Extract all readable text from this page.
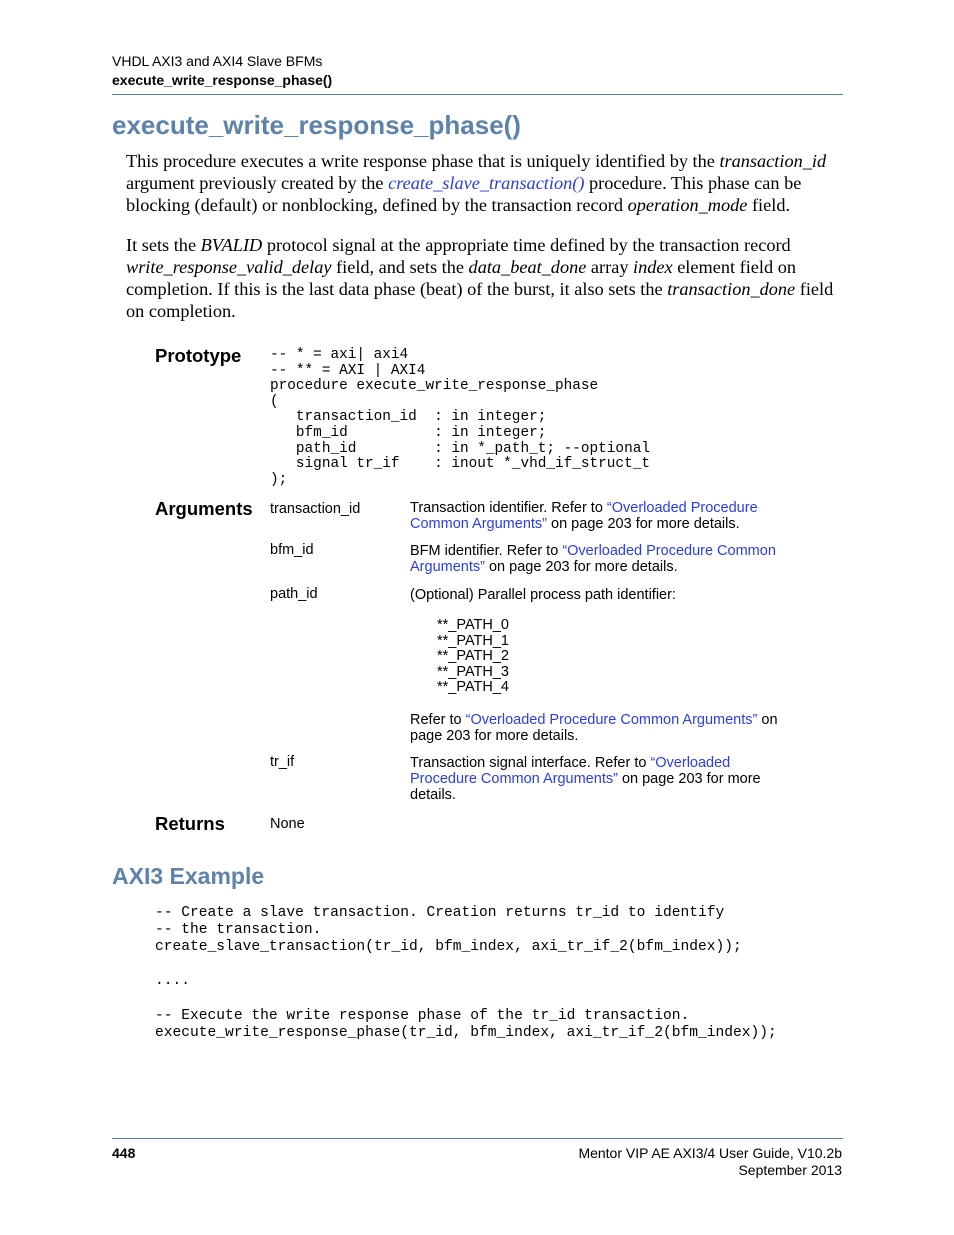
VHDL AXI3 and AXI4 Slave BFMs
execute_write_response_phase()
execute_write_response_phase()
This procedure executes a write response phase that is uniquely identified by the transaction_id
argument previously created by the create_slave_transaction() procedure. This phase can be
blocking (default) or nonblocking, defined by the transaction record operation_mode field.
It sets the BVALID protocol signal at the appropriate time defined by the transaction record
write_response_valid_delay field, and sets the data_beat_done array index element field on
completion. If this is the last data phase (beat) of the burst, it also sets the transaction_done field
on completion.
Prototype -- * = axi| axi4
-- ** = AXI | AXI4
procedure execute_write_response_phase
(
transaction_id  : in integer;
bfm_id          : in integer;
path_id         : in *_path_t; --optional
signal tr_if    : inout *_vhd_if_struct_t
);
Arguments transaction_id	Transaction identifier. Refer to “Overloaded Procedure
Common Arguments” on page 203 for more details.
bfm_id	BFM identifier. Refer to “Overloaded Procedure Common
Arguments” on page 203 for more details.
path_id	(Optional) Parallel process path identifier:
**_PATH_0
**_PATH_1
**_PATH_2
**_PATH_3
**_PATH_4
Refer to “Overloaded Procedure Common Arguments” on
page 203 for more details.
tr_if	Transaction signal interface. Refer to “Overloaded
Procedure Common Arguments” on page 203 for more
details.
Returns	None
AXI3 Example
-- Create a slave transaction. Creation returns tr_id to identify
-- the transaction.
create_slave_transaction(tr_id, bfm_index, axi_tr_if_2(bfm_index));

....

-- Execute the write response phase of the tr_id transaction.
execute_write_response_phase(tr_id, bfm_index, axi_tr_if_2(bfm_index));
448	Mentor VIP AE AXI3/4 User Guide, V10.2b
September 2013
